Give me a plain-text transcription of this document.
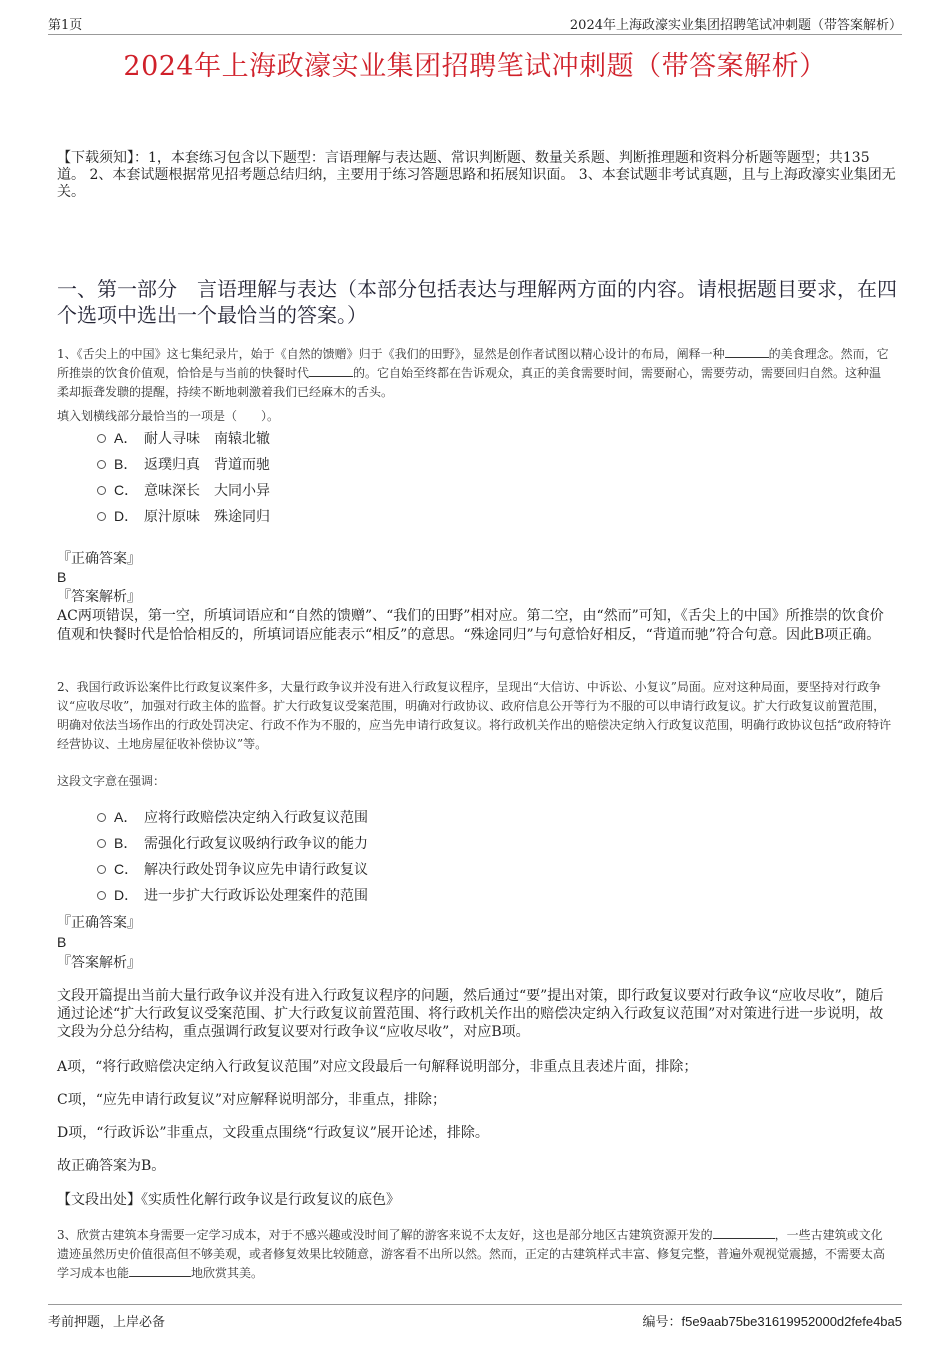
第1页	2024年上海政濠实业集团招聘笔试冲刺题（带答案解析）
2024年上海政濠实业集团招聘笔试冲刺题（带答案解析）
【下载须知】：1，本套练习包含以下题型：言语理解与表达题、常识判断题、数量关系题、判断推理题和资料分析题等题型；共135道。 2、本套试题根据常见招考题总结归纳，主要用于练习答题思路和拓展知识面。 3、本套试题非考试真题，且与上海政濠实业集团无关。
一、第一部分　言语理解与表达（本部分包括表达与理解两方面的内容。请根据题目要求，在四个选项中选出一个最恰当的答案。）
1、《舌尖上的中国》这七集纪录片，始于《自然的馈赠》归于《我们的田野》，显然是创作者试图以精心设计的布局，阐释一种	的美食理念。然而，它所推崇的饮食价值观，恰恰是与当前的快餐时代	的。它自始至终都在告诉观众，真正的美食需要时间，需要耐心，需要劳动，需要回归自然。这种温柔却振聋发聩的提醒，持续不断地刺激着我们已经麻木的舌头。
填入划横线部分最恰当的一项是（　　）。
A． 耐人寻味　南辕北辙
B． 返璞归真　背道而驰
C． 意味深长　大同小异
D． 原汁原味　殊途同归
『正确答案』
B
『答案解析』
AC两项错误，第一空，所填词语应和“自然的馈赠”、“我们的田野”相对应。第二空，由“然而”可知，《舌尖上的中国》所推崇的饮食价值观和快餐时代是恰恰相反的，所填词语应能表示“相反”的意思。“殊途同归”与句意恰好相反，“背道而驰”符合句意。因此B项正确。
2、我国行政诉讼案件比行政复议案件多，大量行政争议并没有进入行政复议程序，呈现出“大信访、中诉讼、小复议”局面。应对这种局面，要坚持对行政争议“应收尽收”，加强对行政主体的监督。扩大行政复议受案范围，明确对行政协议、政府信息公开等行为不服的可以申请行政复议。扩大行政复议前置范围，明确对依法当场作出的行政处罚决定、行政不作为不服的，应当先申请行政复议。将行政机关作出的赔偿决定纳入行政复议范围，明确行政协议包括“政府特许经营协议、土地房屋征收补偿协议”等。
这段文字意在强调：
A． 应将行政赔偿决定纳入行政复议范围
B． 需强化行政复议吸纳行政争议的能力
C． 解决行政处罚争议应先申请行政复议
D． 进一步扩大行政诉讼处理案件的范围
『正确答案』
B
『答案解析』
文段开篇提出当前大量行政争议并没有进入行政复议程序的问题，然后通过“要”提出对策，即行政复议要对行政争议“应收尽收”，随后通过论述“扩大行政复议受案范围、扩大行政复议前置范围、将行政机关作出的赔偿决定纳入行政复议范围”对对策进行进一步说明，故文段为分总分结构，重点强调行政复议要对行政争议“应收尽收”，对应B项。
A项，“将行政赔偿决定纳入行政复议范围”对应文段最后一句解释说明部分，非重点且表述片面，排除；
C项，“应先申请行政复议”对应解释说明部分，非重点，排除；
D项，“行政诉讼”非重点，文段重点围绕“行政复议”展开论述，排除。
故正确答案为B。
【文段出处】《实质性化解行政争议是行政复议的底色》
3、欣赏古建筑本身需要一定学习成本，对于不感兴趣或没时间了解的游客来说不太友好，这也是部分地区古建筑资源开发的	，一些古建筑或文化遗迹虽然历史价值很高但不够美观，或者修复效果比较随意，游客看不出所以然。然而，正定的古建筑样式丰富、修复完整，普遍外观视觉震撼，不需要太高学习成本也能	地欣赏其美。
考前押题，上岸必备	编号：f5e9aab75be31619952000d2fefe4ba5
